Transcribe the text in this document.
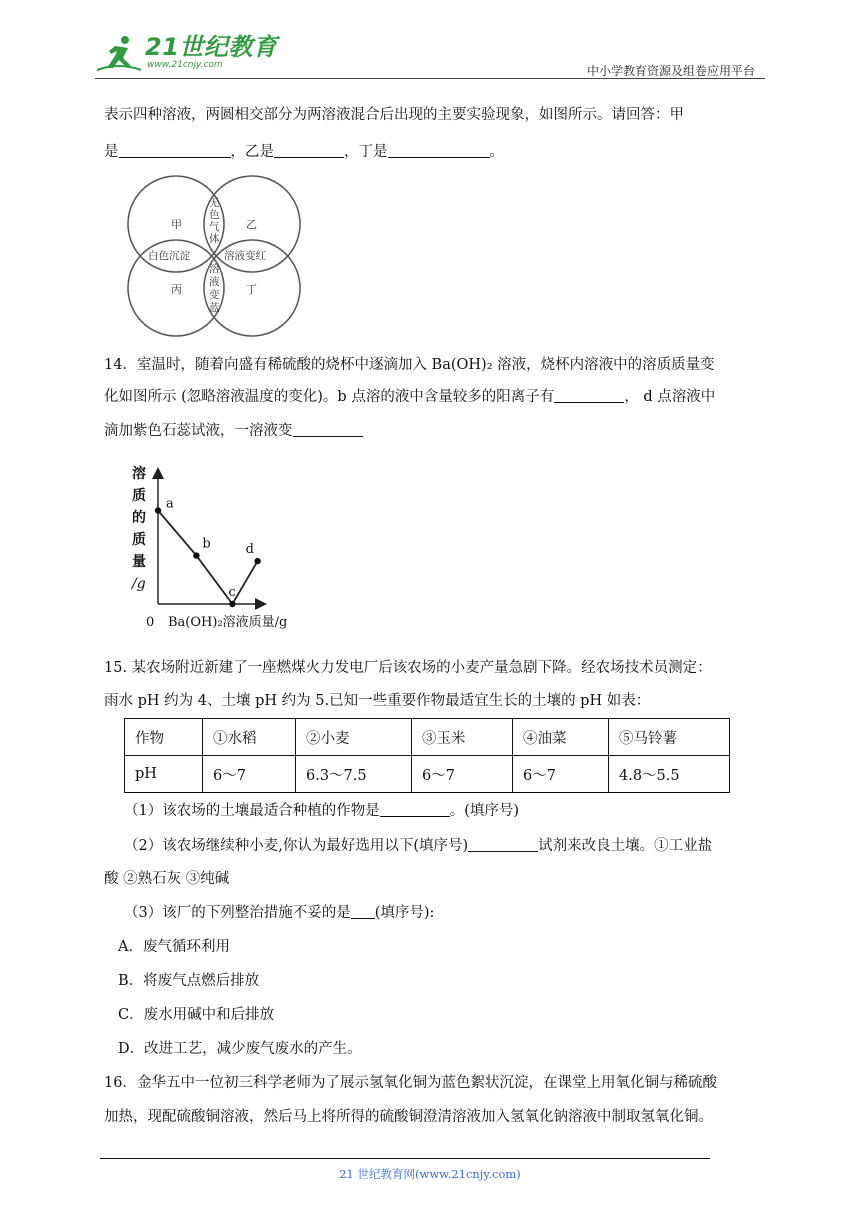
21世纪教育
www.21cnjy.com	中小学教育资源及组卷应用平台
表示四种溶液，两圆相交部分为两溶液混合后出现的主要实验现象，如图所示。请回答：甲
是	，乙是	，丁是	。
甲	乙
丙	丁
无
色
气
体
溶
液
变
蓝
白色沉淀	溶液变红
14．室温时，随着向盛有稀硫酸的烧杯中逐滴加入 Ba(OH)₂ 溶液，烧杯内溶液中的溶质质量变
化如图所示 (忽略溶液温度的变化)。b 点溶的液中含量较多的阳离子有	， d 点溶液中
滴加紫色石蕊试液，一溶液变
溶
质
的
质
量
/g
0 Ba(OH)₂溶液质量/g
a
b
c
d
15. 某农场附近新建了一座燃煤火力发电厂后该农场的小麦产量急剧下降。经农场技术员测定：
雨水 pH 约为 4、土壤 pH 约为 5.已知一些重要作物最适宜生长的土壤的 pH 如表：
作物	①水稻	②小麦	③玉米	④油菜	⑤马铃薯
pH	6～7	6.3～7.5	6～7	6～7	4.8～5.5
（1）该农场的土壤最适合种植的作物是	。(填序号)
（2）该农场继续种小麦,你认为最好选用以下(填序号)	试剂来改良土壤。①工业盐
酸 ②熟石灰 ③纯碱
（3）该厂的下列整治措施不妥的是 (填序号):
A．废气循环利用
B．将废气点燃后排放
C．废水用碱中和后排放
D．改进工艺，减少废气废水的产生。
16．金华五中一位初三科学老师为了展示氢氧化铜为蓝色絮状沉淀，在课堂上用氧化铜与稀硫酸
加热，现配硫酸铜溶液，然后马上将所得的硫酸铜澄清溶液加入氢氧化钠溶液中制取氢氧化铜。
21 世纪教育网(www.21cnjy.com)
